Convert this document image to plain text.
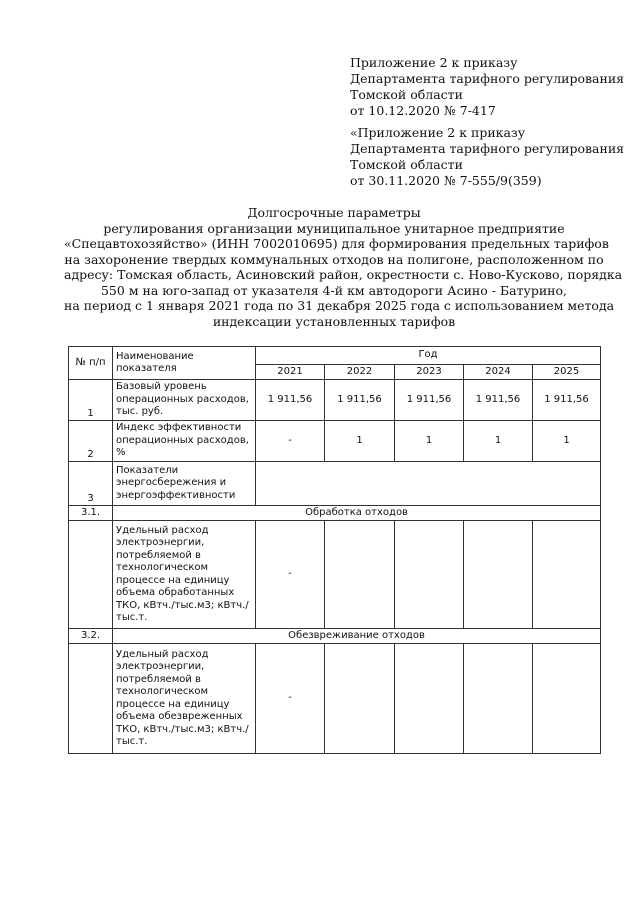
Приложение 2 к приказу
Департамента тарифного регулирования
Томской области
от 10.12.2020 № 7-417
«Приложение 2 к приказу
Департамента тарифного регулирования
Томской области
от 30.11.2020 № 7-555/9(359)
Долгосрочные параметры
регулирования организации муниципальное унитарное предприятие
«Спецавтохозяйство» (ИНН 7002010695) для формирования предельных тарифов
на захоронение твердых коммунальных отходов на полигоне, расположенном по
адресу: Томская область, Асиновский район, окрестности с. Ново-Кусково, порядка
550 м на юго-запад от указателя 4-й км автодороги Асино - Батурино,
на период с 1 января 2021 года по 31 декабря 2025 года с использованием метода
индексации установленных тарифов
№ п/п	Наименование показателя	Год				
		2021	2022	2023	2024	2025
1	Базовый уровень операционных расходов, тыс. руб.	1 911,56	1 911,56	1 911,56	1 911,56	1 911,56
2	Индекс эффективности операционных расходов, %	-	1	1	1	1
3	Показатели энергосбережения и энергоэффективности					
3.1.	Обработка отходов					
	Удельный расход электроэнергии, потребляемой в технологическом процессе на единицу объема обработанных ТКО, кВтч./тыс.м3; кВтч./тыс.т.	-				
3.2.	Обезвреживание отходов					
	Удельный расход электроэнергии, потребляемой в технологическом процессе на единицу объема обезвреженных ТКО, кВтч./тыс.м3; кВтч./тыс.т.	-				
